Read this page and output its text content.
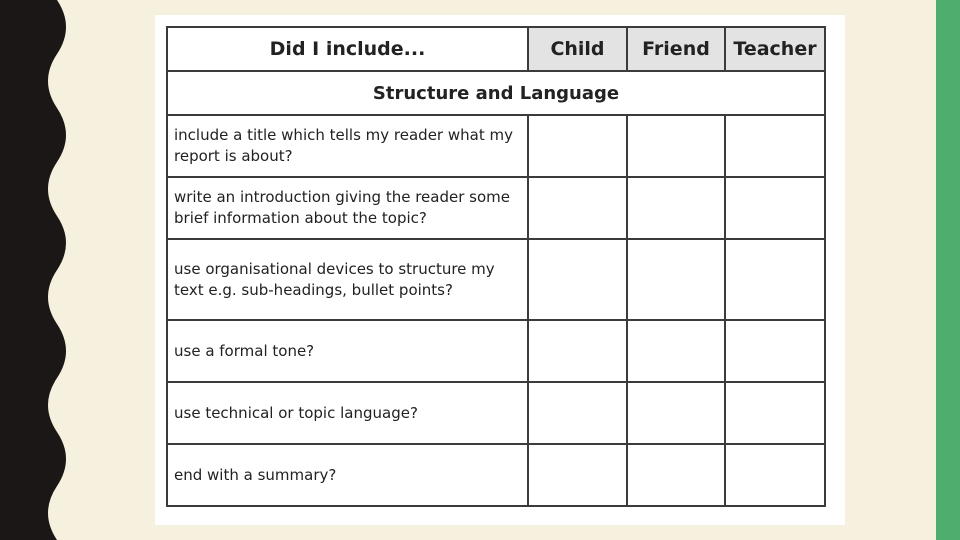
Did I include...	Child	Friend	Teacher
Structure and Language			
include a title which tells my reader what my report is about?			
write an introduction giving the reader some brief information about the topic?			
use organisational devices to structure my text e.g. sub-headings, bullet points?			
use a formal tone?			
use technical or topic language?			
end with a summary?			
